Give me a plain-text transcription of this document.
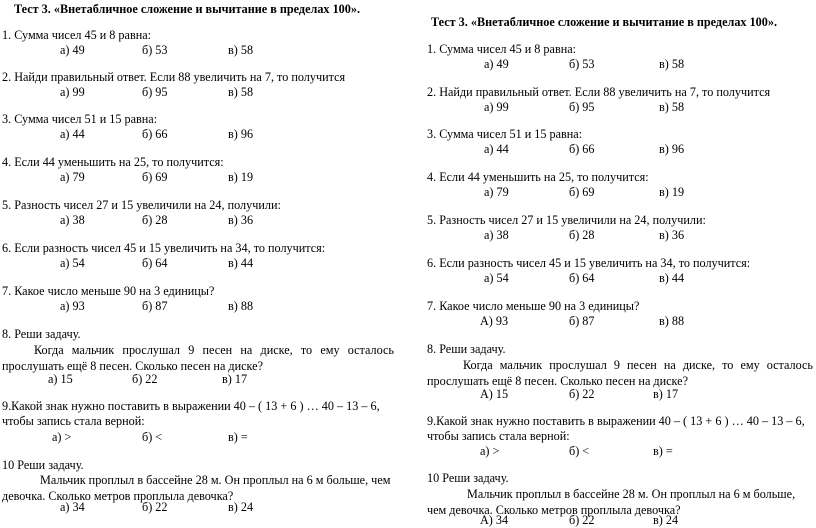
Тест 3. «Внетабличное сложение и вычитание в пределах 100».
1. Сумма чисел 45 и 8 равна:
а) 49	б) 53	в) 58
2. Найди правильный ответ. Если 88 увеличить на 7, то получится
а) 99	б) 95	в) 58
3. Сумма чисел 51 и 15 равна:
а) 44	б) 66	в) 96
4. Если 44 уменьшить на 25, то получится:
а) 79	б) 69	в) 19
5. Разность чисел 27 и 15 увеличили на 24, получили:
а) 38	б) 28	в) 36
6. Если разность чисел 45 и 15 увеличить на 34, то получится:
а) 54	б) 64	в) 44
7. Какое число меньше 90 на 3 единицы?
а) 93	б) 87	в) 88
8. Реши задачу.
Когда мальчик прослушал 9 песен на диске, то ему осталось прослушать ещё 8 песен. Сколько песен на диске?
а) 15	б) 22	в) 17
9.Какой знак нужно поставить в выражении 40 – ( 13 + 6 ) … 40 – 13 – 6,
чтобы запись стала верной:
а) >	б) <	в) =
10 Реши задачу.
Мальчик проплыл в бассейне 28 м. Он проплыл на 6 м больше, чем девочка. Сколько метров проплыла девочка?
а) 34	б) 22	в) 24
Тест 3. «Внетабличное сложение и вычитание в пределах 100».
1. Сумма чисел 45 и 8 равна:
а) 49	б) 53	в) 58
2. Найди правильный ответ. Если 88 увеличить на 7, то получится
а) 99	б) 95	в) 58
3. Сумма чисел 51 и 15 равна:
а) 44	б) 66	в) 96
4. Если 44 уменьшить на 25, то получится:
а) 79	б) 69	в) 19
5. Разность чисел 27 и 15 увеличили на 24, получили:
а) 38	б) 28	в) 36
6. Если разность чисел 45 и 15 увеличить на 34, то получится:
а) 54	б) 64	в) 44
7. Какое число меньше 90 на 3 единицы?
А) 93	б) 87	в) 88
8. Реши задачу.
Когда мальчик прослушал 9 песен на диске, то ему осталось прослушать ещё 8 песен. Сколько песен на диске?
А) 15	б) 22	в) 17
9.Какой знак нужно поставить в выражении 40 – ( 13 + 6 ) … 40 – 13 – 6,
чтобы запись стала верной:
а) >	б) <	в) =
10 Реши задачу.
Мальчик проплыл в бассейне 28 м. Он проплыл на 6 м больше, чем девочка. Сколько метров проплыла девочка?
А) 34	б) 22	в) 24
